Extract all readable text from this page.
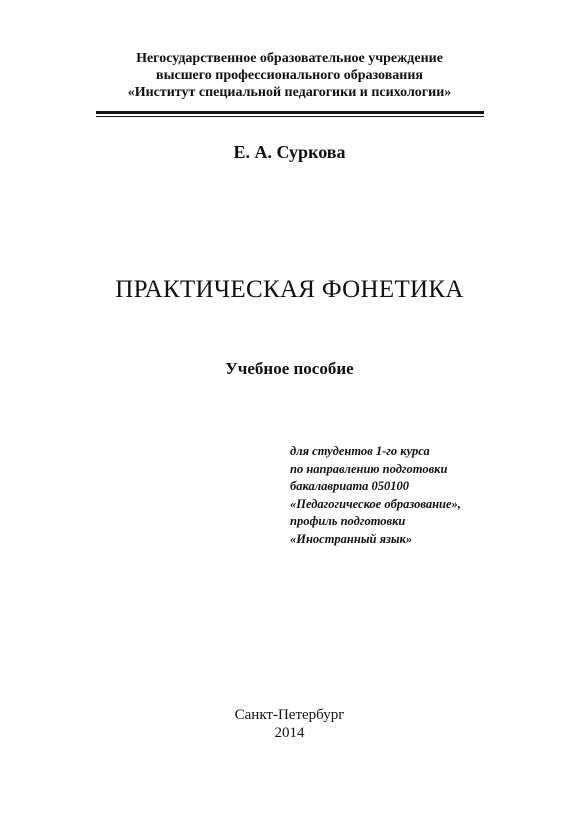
Негосударственное образовательное учреждение
высшего профессионального образования
«Институт специальной педагогики и психологии»
Е. А. Суркова
ПРАКТИЧЕСКАЯ ФОНЕТИКА
Учебное пособие
для студентов 1-го курса
по направлению подготовки
бакалавриата 050100
«Педагогическое образование»,
профиль подготовки
«Иностранный язык»
Санкт-Петербург
2014
